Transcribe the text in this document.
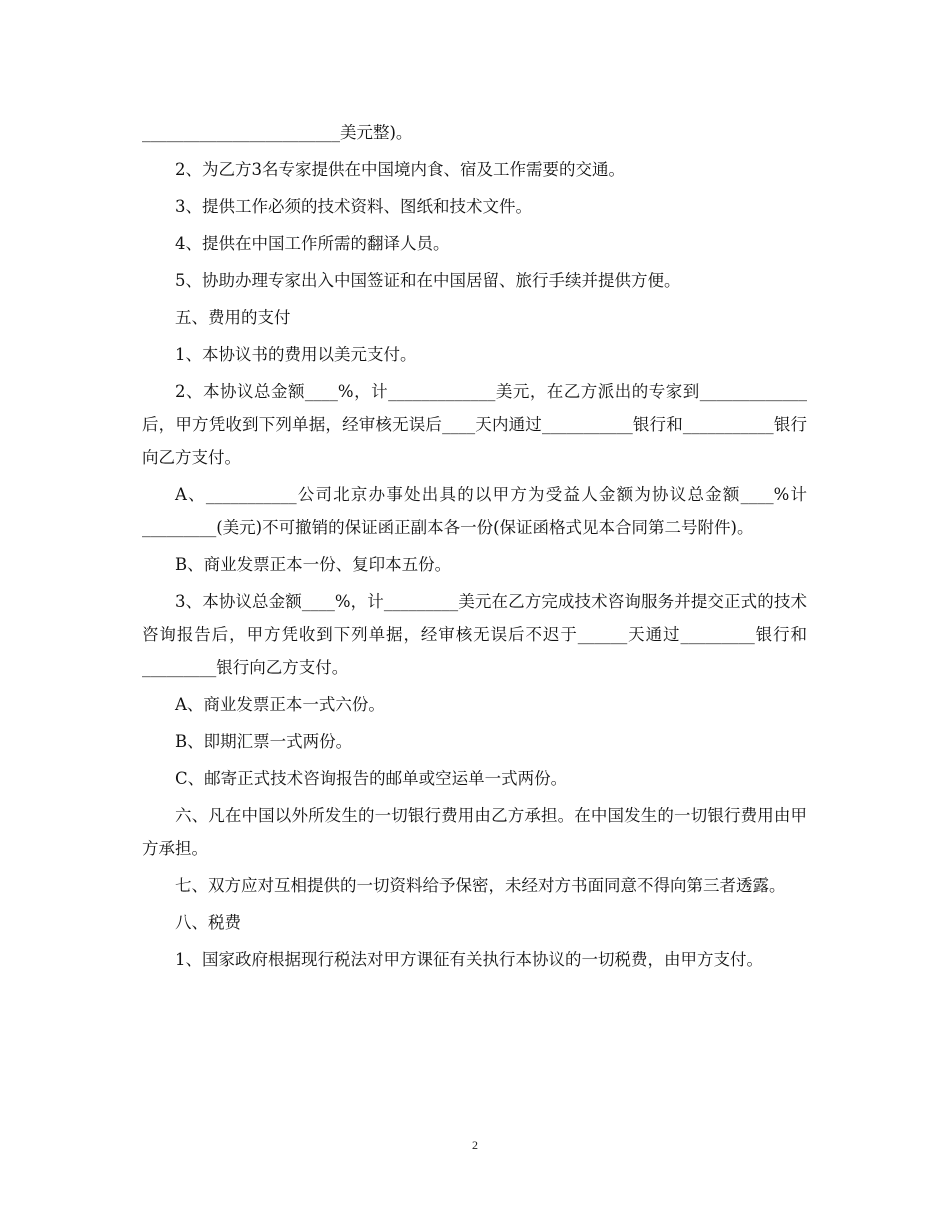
________________________美元整)。

2、为乙方3名专家提供在中国境内食、宿及工作需要的交通。

3、提供工作必须的技术资料、图纸和技术文件。

4、提供在中国工作所需的翻译人员。

5、协助办理专家出入中国签证和在中国居留、旅行手续并提供方便。

五、费用的支付

1、本协议书的费用以美元支付。

2、本协议总金额____%，计_____________美元，在乙方派出的专家到_____________后，甲方凭收到下列单据，经审核无误后____天内通过___________银行和___________银行向乙方支付。

A、___________公司北京办事处出具的以甲方为受益人金额为协议总金额____%计_________(美元)不可撤销的保证函正副本各一份(保证函格式见本合同第二号附件)。

B、商业发票正本一份、复印本五份。

3、本协议总金额____%，计_________美元在乙方完成技术咨询服务并提交正式的技术咨询报告后，甲方凭收到下列单据，经审核无误后不迟于______天通过_________银行和_________银行向乙方支付。

A、商业发票正本一式六份。

B、即期汇票一式两份。

C、邮寄正式技术咨询报告的邮单或空运单一式两份。

六、凡在中国以外所发生的一切银行费用由乙方承担。在中国发生的一切银行费用由甲方承担。

七、双方应对互相提供的一切资料给予保密，未经对方书面同意不得向第三者透露。

八、税费

1、国家政府根据现行税法对甲方课征有关执行本协议的一切税费，由甲方支付。

2
